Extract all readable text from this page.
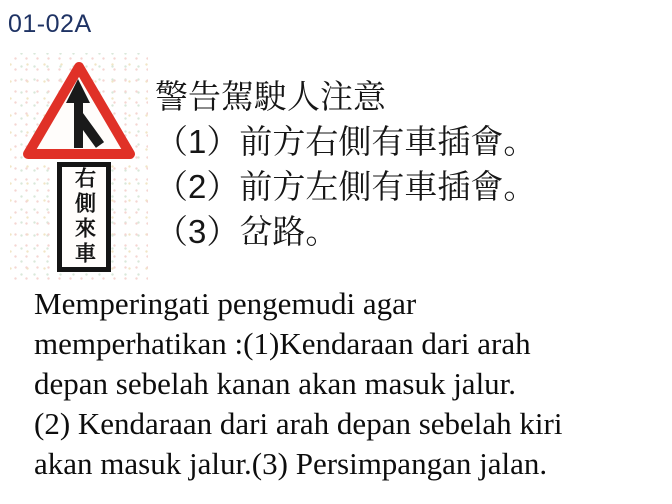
01-02A
右側來車
警告駕駛人注意
（1）前方右側有車插會。
（2）前方左側有車插會。
（3）岔路。
Memperingati pengemudi agar
memperhatikan :(1)Kendaraan dari arah
depan sebelah kanan akan masuk jalur.
(2) Kendaraan dari arah depan sebelah kiri
akan masuk jalur.(3) Persimpangan jalan.
